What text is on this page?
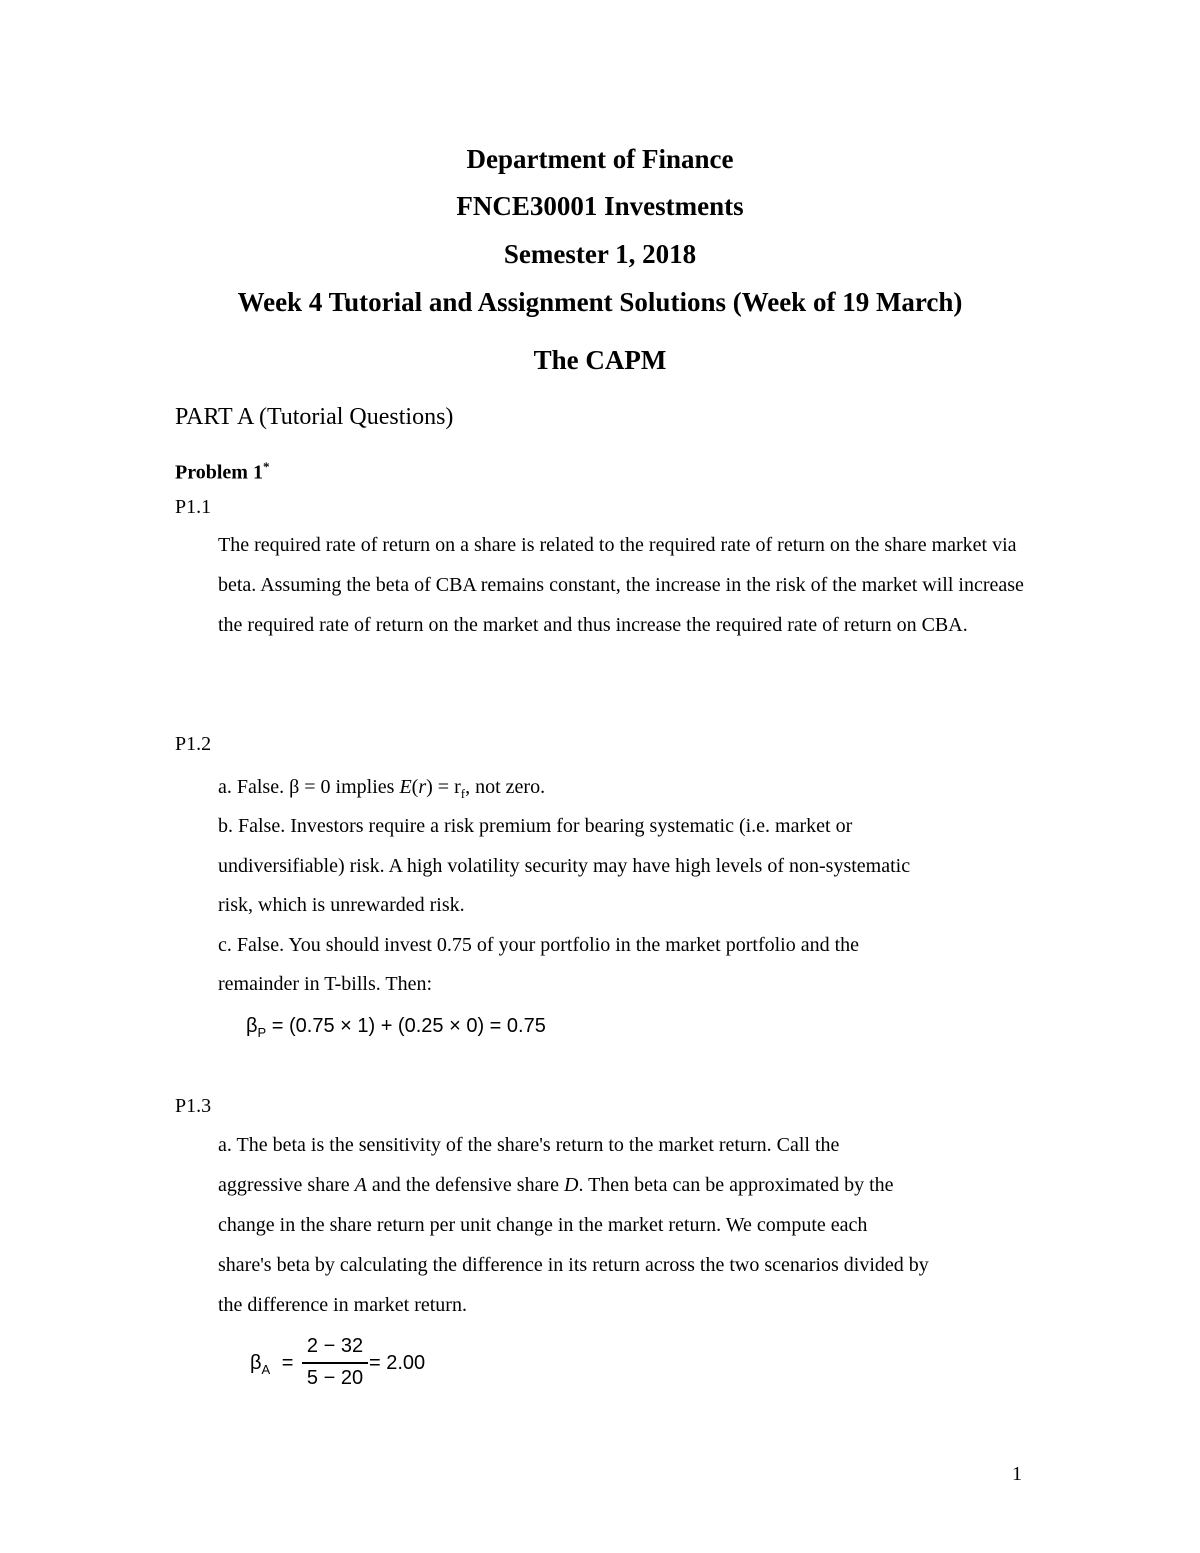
Department of Finance
FNCE30001 Investments
Semester 1, 2018
Week 4 Tutorial and Assignment Solutions (Week of 19 March)
The CAPM
PART A (Tutorial Questions)
Problem 1*
P1.1
The required rate of return on a share is related to the required rate of return on the share market via beta. Assuming the beta of CBA remains constant, the increase in the risk of the market will increase the required rate of return on the market and thus increase the required rate of return on CBA.
P1.2
a. False. β = 0 implies $E(r) = r_f$, not zero.
b. False. Investors require a risk premium for bearing systematic (i.e. market or
undiversifiable) risk. A high volatility security may have high levels of non-systematic
risk, which is unrewarded risk.
c. False. You should invest 0.75 of your portfolio in the market portfolio and the
remainder in T-bills. Then:
$\beta_P = (0.75 \times 1) + (0.25 \times 0) = 0.75$
P1.3
a. The beta is the sensitivity of the share's return to the market return. Call the
aggressive share A and the defensive share D. Then beta can be approximated by the
change in the share return per unit change in the market return. We compute each
share's beta by calculating the difference in its return across the two scenarios divided by
the difference in market return.
$\beta_A$ =
2 − 32
5 − 20
= 2.00
1
